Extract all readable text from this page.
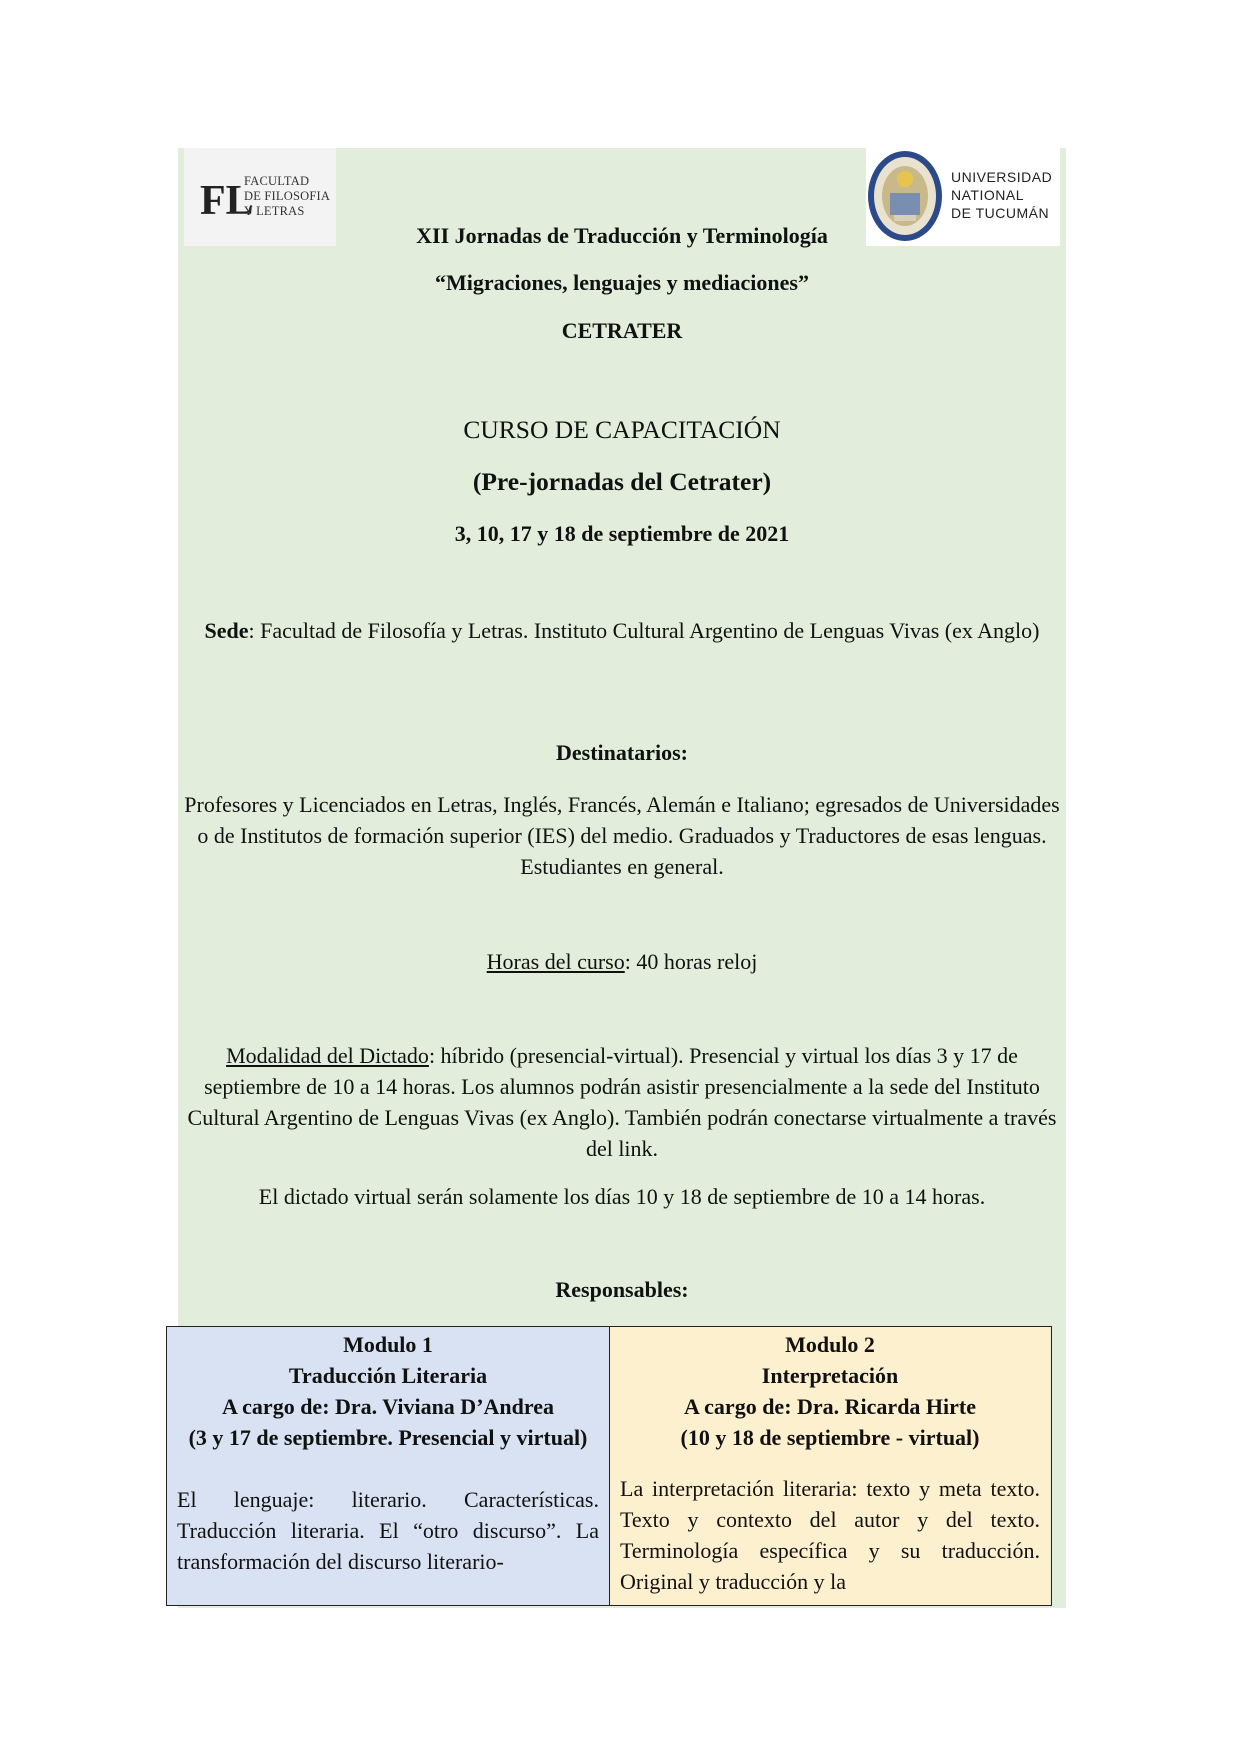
FL
FACULTAD
DE FILOSOFIA
Y LETRAS
UNIVERSIDAD
NATIONAL
DE TUCUMÁN
XII Jornadas de Traducción y Terminología
“Migraciones, lenguajes y mediaciones”
CETRATER
CURSO DE CAPACITACIÓN
(Pre-jornadas del Cetrater)
3, 10, 17 y 18 de septiembre de 2021
Sede: Facultad de Filosofía y Letras. Instituto Cultural Argentino de Lenguas Vivas (ex Anglo)
Destinatarios:
Profesores y Licenciados en Letras, Inglés, Francés, Alemán e Italiano; egresados de Universidades o de Institutos de formación superior (IES) del medio. Graduados y Traductores de esas lenguas. Estudiantes en general.
Horas del curso: 40 horas reloj
Modalidad del Dictado: híbrido (presencial-virtual). Presencial y virtual los días 3 y 17 de septiembre de 10 a 14 horas. Los alumnos podrán asistir presencialmente a la sede del Instituto Cultural Argentino de Lenguas Vivas (ex Anglo). También podrán conectarse virtualmente a través del link.
El dictado virtual serán solamente los días 10 y 18 de septiembre de 10 a 14 horas.
Responsables:
Modulo 1
Traducción Literaria
A cargo de: Dra. Viviana D’Andrea
(3 y 17 de septiembre. Presencial y virtual)
El lenguaje: literario. Características. Traducción literaria. El “otro discurso”. La transformación del discurso literario-
Modulo 2
Interpretación
A cargo de: Dra. Ricarda Hirte
(10 y 18 de septiembre - virtual)
La interpretación literaria: texto y meta texto. Texto y contexto del autor y del texto. Terminología específica y su traducción. Original y traducción y la
